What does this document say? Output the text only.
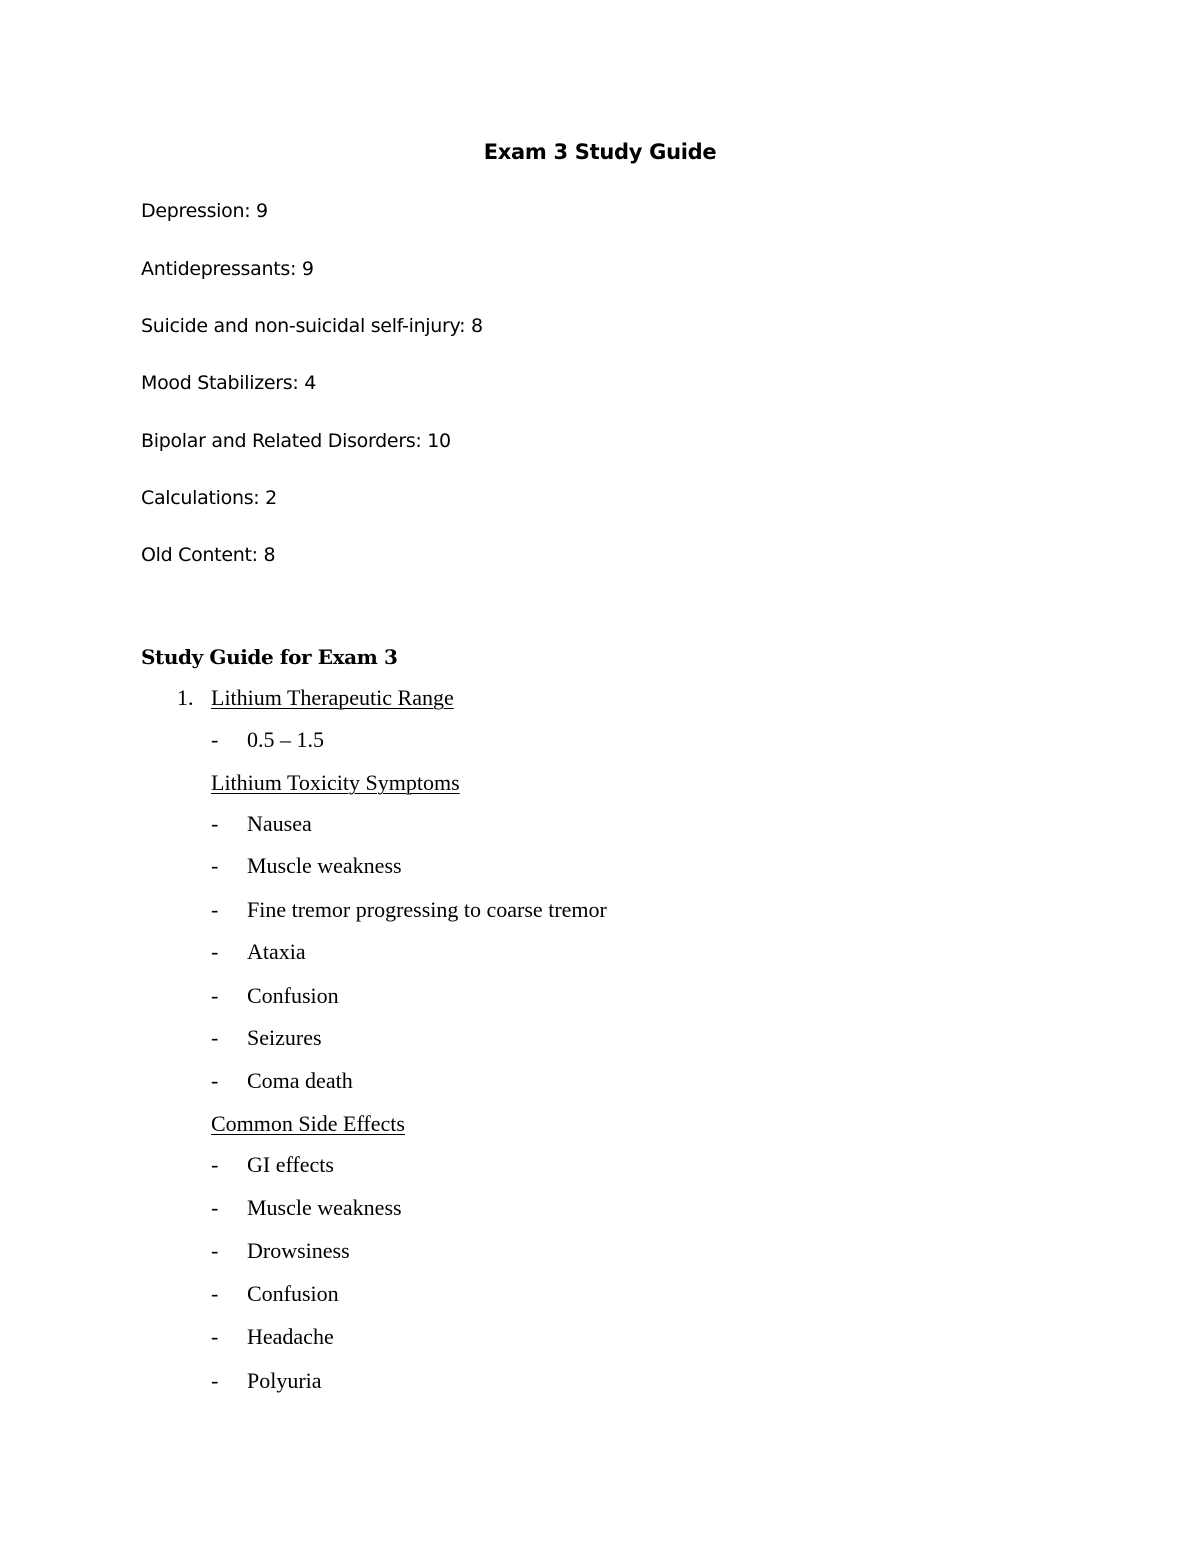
Exam 3 Study Guide
Depression: 9
Antidepressants: 9
Suicide and non-suicidal self-injury: 8
Mood Stabilizers: 4
Bipolar and Related Disorders: 10
Calculations: 2
Old Content: 8
Study Guide for Exam 3
1. Lithium Therapeutic Range
- 0.5 – 1.5
Lithium Toxicity Symptoms
- Nausea
- Muscle weakness
- Fine tremor progressing to coarse tremor
- Ataxia
- Confusion
- Seizures
- Coma death
Common Side Effects
- GI effects
- Muscle weakness
- Drowsiness
- Confusion
- Headache
- Polyuria
